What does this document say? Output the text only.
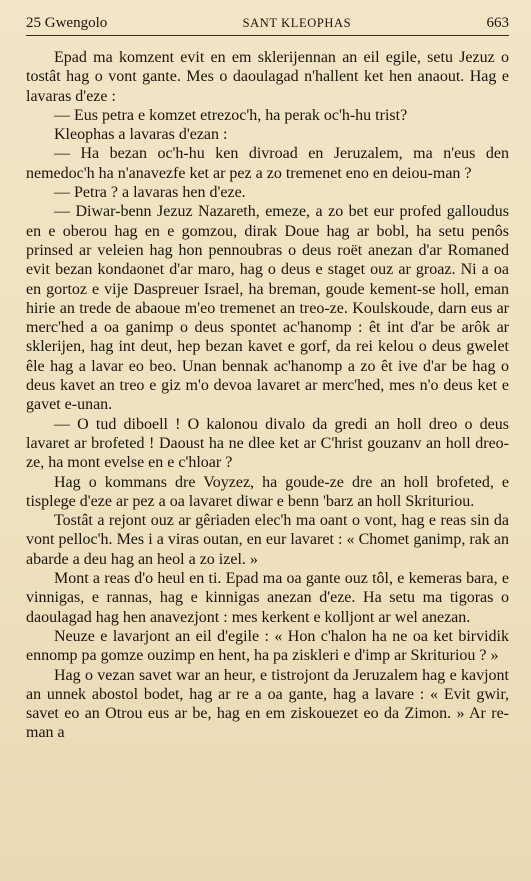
25 Gwengolo	SANT KLEOPHAS	663

Epad ma komzent evit en em sklerijennan an eil egile, setu Jezuz o tostât hag o vont gante. Mes o daoulagad n'hallent ket hen anaout. Hag e lavaras d'eze :

— Eus petra e komzet etrezoc'h, ha perak oc'h-hu trist?

Kleophas a lavaras d'ezan :

— Ha bezan oc'h-hu ken divroad en Jeruzalem, ma n'eus den nemedoc'h ha n'anavezfe ket ar pez a zo tremenet eno en deiou-man ?

— Petra ? a lavaras hen d'eze.

— Diwar-benn Jezuz Nazareth, emeze, a zo bet eur profed galloudus en e oberou hag en e gomzou, dirak Doue hag ar bobl, ha setu penôs prinsed ar veleien hag hon pennoubras o deus roët anezan d'ar Romaned evit bezan kondaonet d'ar maro, hag o deus e staget ouz ar groaz. Ni a oa en gortoz e vije Daspreuer Israel, ha breman, goude kement-se holl, eman hirie an trede de abaoue m'eo tremenet an treo-ze. Koulskoude, darn eus ar merc'hed a oa ganimp o deus spontet ac'hanomp : êt int d'ar be arôk ar sklerijen, hag int deut, hep bezan kavet e gorf, da rei kelou o deus gwelet êle hag a lavar eo beo. Unan bennak ac'hanomp a zo êt ive d'ar be hag o deus kavet an treo e giz m'o devoa lavaret ar merc'hed, mes n'o deus ket e gavet e-unan.

— O tud diboell ! O kalonou divalo da gredi an holl dreo o deus lavaret ar brofeted ! Daoust ha ne dlee ket ar C'hrist gouzanv an holl dreo-ze, ha mont evelse en e c'hloar ?

Hag o kommans dre Voyzez, ha goude-ze dre an holl brofeted, e tisplege d'eze ar pez a oa lavaret diwar e benn 'barz an holl Skrituriou.

Tostât a rejont ouz ar gêriaden elec'h ma oant o vont, hag e reas sin da vont pelloc'h. Mes i a viras outan, en eur lavaret : « Chomet ganimp, rak an abarde a deu hag an heol a zo izel. »

Mont a reas d'o heul en ti. Epad ma oa gante ouz tôl, e kemeras bara, e vinnigas, e rannas, hag e kinnigas anezan d'eze. Ha setu ma tigoras o daoulagad hag hen anavezjont : mes kerkent e kolljont ar wel anezan.

Neuze e lavarjont an eil d'egile : « Hon c'halon ha ne oa ket birvidik ennomp pa gomze ouzimp en hent, ha pa ziskleri e d'imp ar Skrituriou ? »

Hag o vezan savet war an heur, e tistrojont da Jeruzalem hag e kavjont an unnek abostol bodet, hag ar re a oa gante, hag a lavare : « Evit gwir, savet eo an Otrou eus ar be, hag en em ziskouezet eo da Zimon. » Ar re-man a
